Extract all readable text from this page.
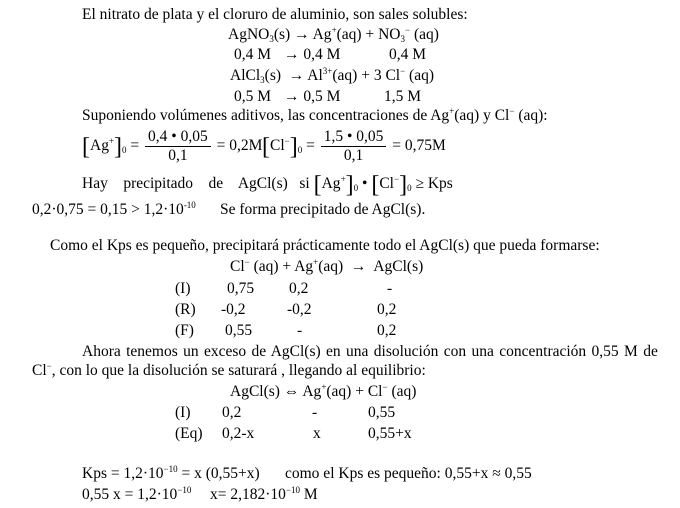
El nitrato de plata y el cloruro de aluminio, son sales solubles:
AgNO$_3$(s) → $Ag^+(aq) + NO_3^-$ (aq)
0,4 M → 0,4 M	0,4 M
AlCl$_3$(s) → $Al^{3+}(aq) + 3$ Cl− (aq)
0,5 M → 0,5 M	1,5 M
Suponiendo volúmenes aditivos, las concentraciones de Ag+(aq) y Cl− (aq):
$[Ag^+]_0 = \frac{0,4 • 0,05}{0,1} = 0,2M$ $[Cl^-]_0 = \frac{1,5 • 0,05}{0,1} = 0,75M$
Hay    precipitado    de    AgCl(s)   si $[Ag^+]_0$ • $[Cl^-]_0$ ≥ Kps
$0,2\cdot 0,75 = 0,15 > 1,2\cdot 10^{-10}$ Se forma precipitado de AgCl(s).
Como el Kps es pequeño, precipitará prácticamente todo el AgCl(s) que pueda formarse:
Cl− (aq) + Ag+(aq)  →  AgCl(s)
(I) 0,75 0,2	-
(R) -0,2	-0,2	0,2
(F) 0,55	-	0,2
Ahora tenemos un exceso de AgCl(s) en una disolución con una concentración 0,55 M de
Cl−, con lo que la disolución se saturará , llegando al equilibrio:
AgCl(s) ⇔ Ag+(aq) + Cl− (aq)
(I) 0,2	-	0,55
(Eq) 0,2-x	x	0,55+x
Kps = $1,2\cdot 10^{-10} = x$ (0,55+x) como el Kps es pequeño: 0,55+x ≈ 0,55
0,55 $x = 1,2\cdot 10^{-10}$ $x= 2,182\cdot 10^{-10}$ M
